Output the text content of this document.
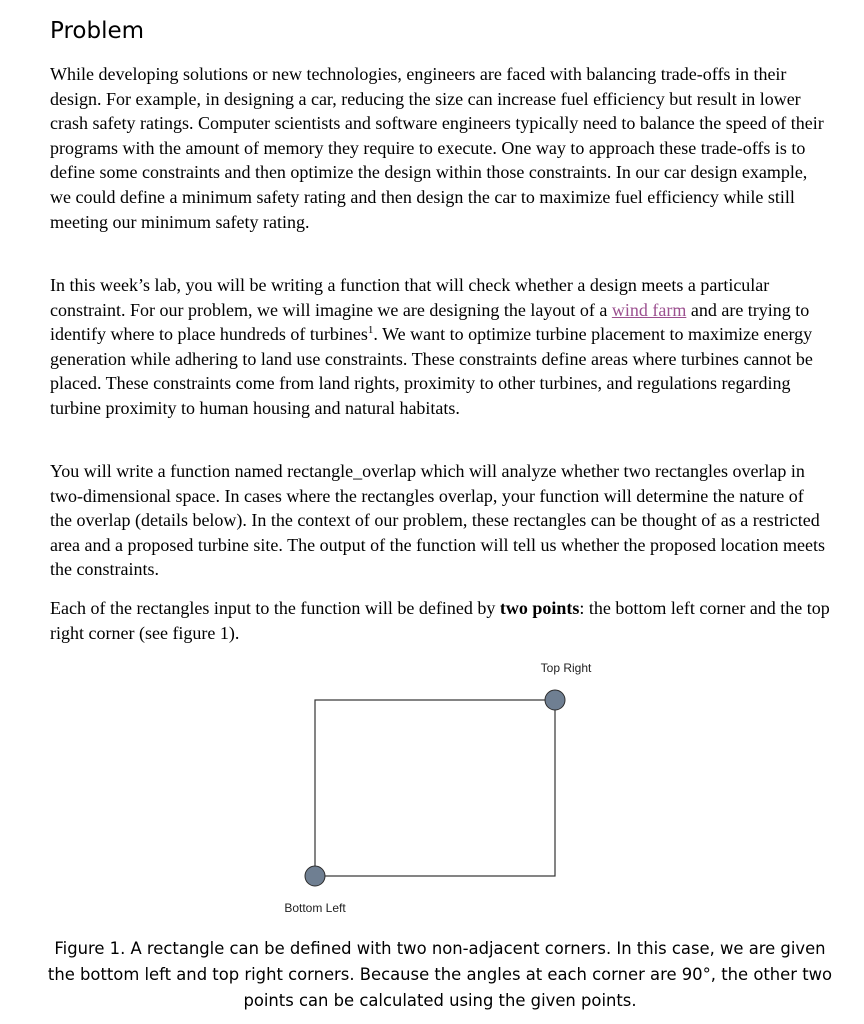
Problem

While developing solutions or new technologies, engineers are faced with balancing trade-offs in their design. For example, in designing a car, reducing the size can increase fuel efficiency but result in lower crash safety ratings. Computer scientists and software engineers typically need to balance the speed of their programs with the amount of memory they require to execute. One way to approach these trade-offs is to define some constraints and then optimize the design within those constraints. In our car design example, we could define a minimum safety rating and then design the car to maximize fuel efficiency while still meeting our minimum safety rating.

In this week’s lab, you will be writing a function that will check whether a design meets a particular constraint. For our problem, we will imagine we are designing the layout of a wind farm and are trying to identify where to place hundreds of turbines$^1$. We want to optimize turbine placement to maximize energy generation while adhering to land use constraints. These constraints define areas where turbines cannot be placed. These constraints come from land rights, proximity to other turbines, and regulations regarding turbine proximity to human housing and natural habitats.

You will write a function named rectangle_overlap which will analyze whether two rectangles overlap in two-dimensional space. In cases where the rectangles overlap, your function will determine the nature of the overlap (details below). In the context of our problem, these rectangles can be thought of as a restricted area and a proposed turbine site. The output of the function will tell us whether the proposed location meets the constraints.

Each of the rectangles input to the function will be defined by two points: the bottom left corner and the top right corner (see figure 1).

Top Right
Bottom Left

Figure 1. A rectangle can be defined with two non-adjacent corners. In this case, we are given the bottom left and top right corners. Because the angles at each corner are 90°, the other two points can be calculated using the given points.
